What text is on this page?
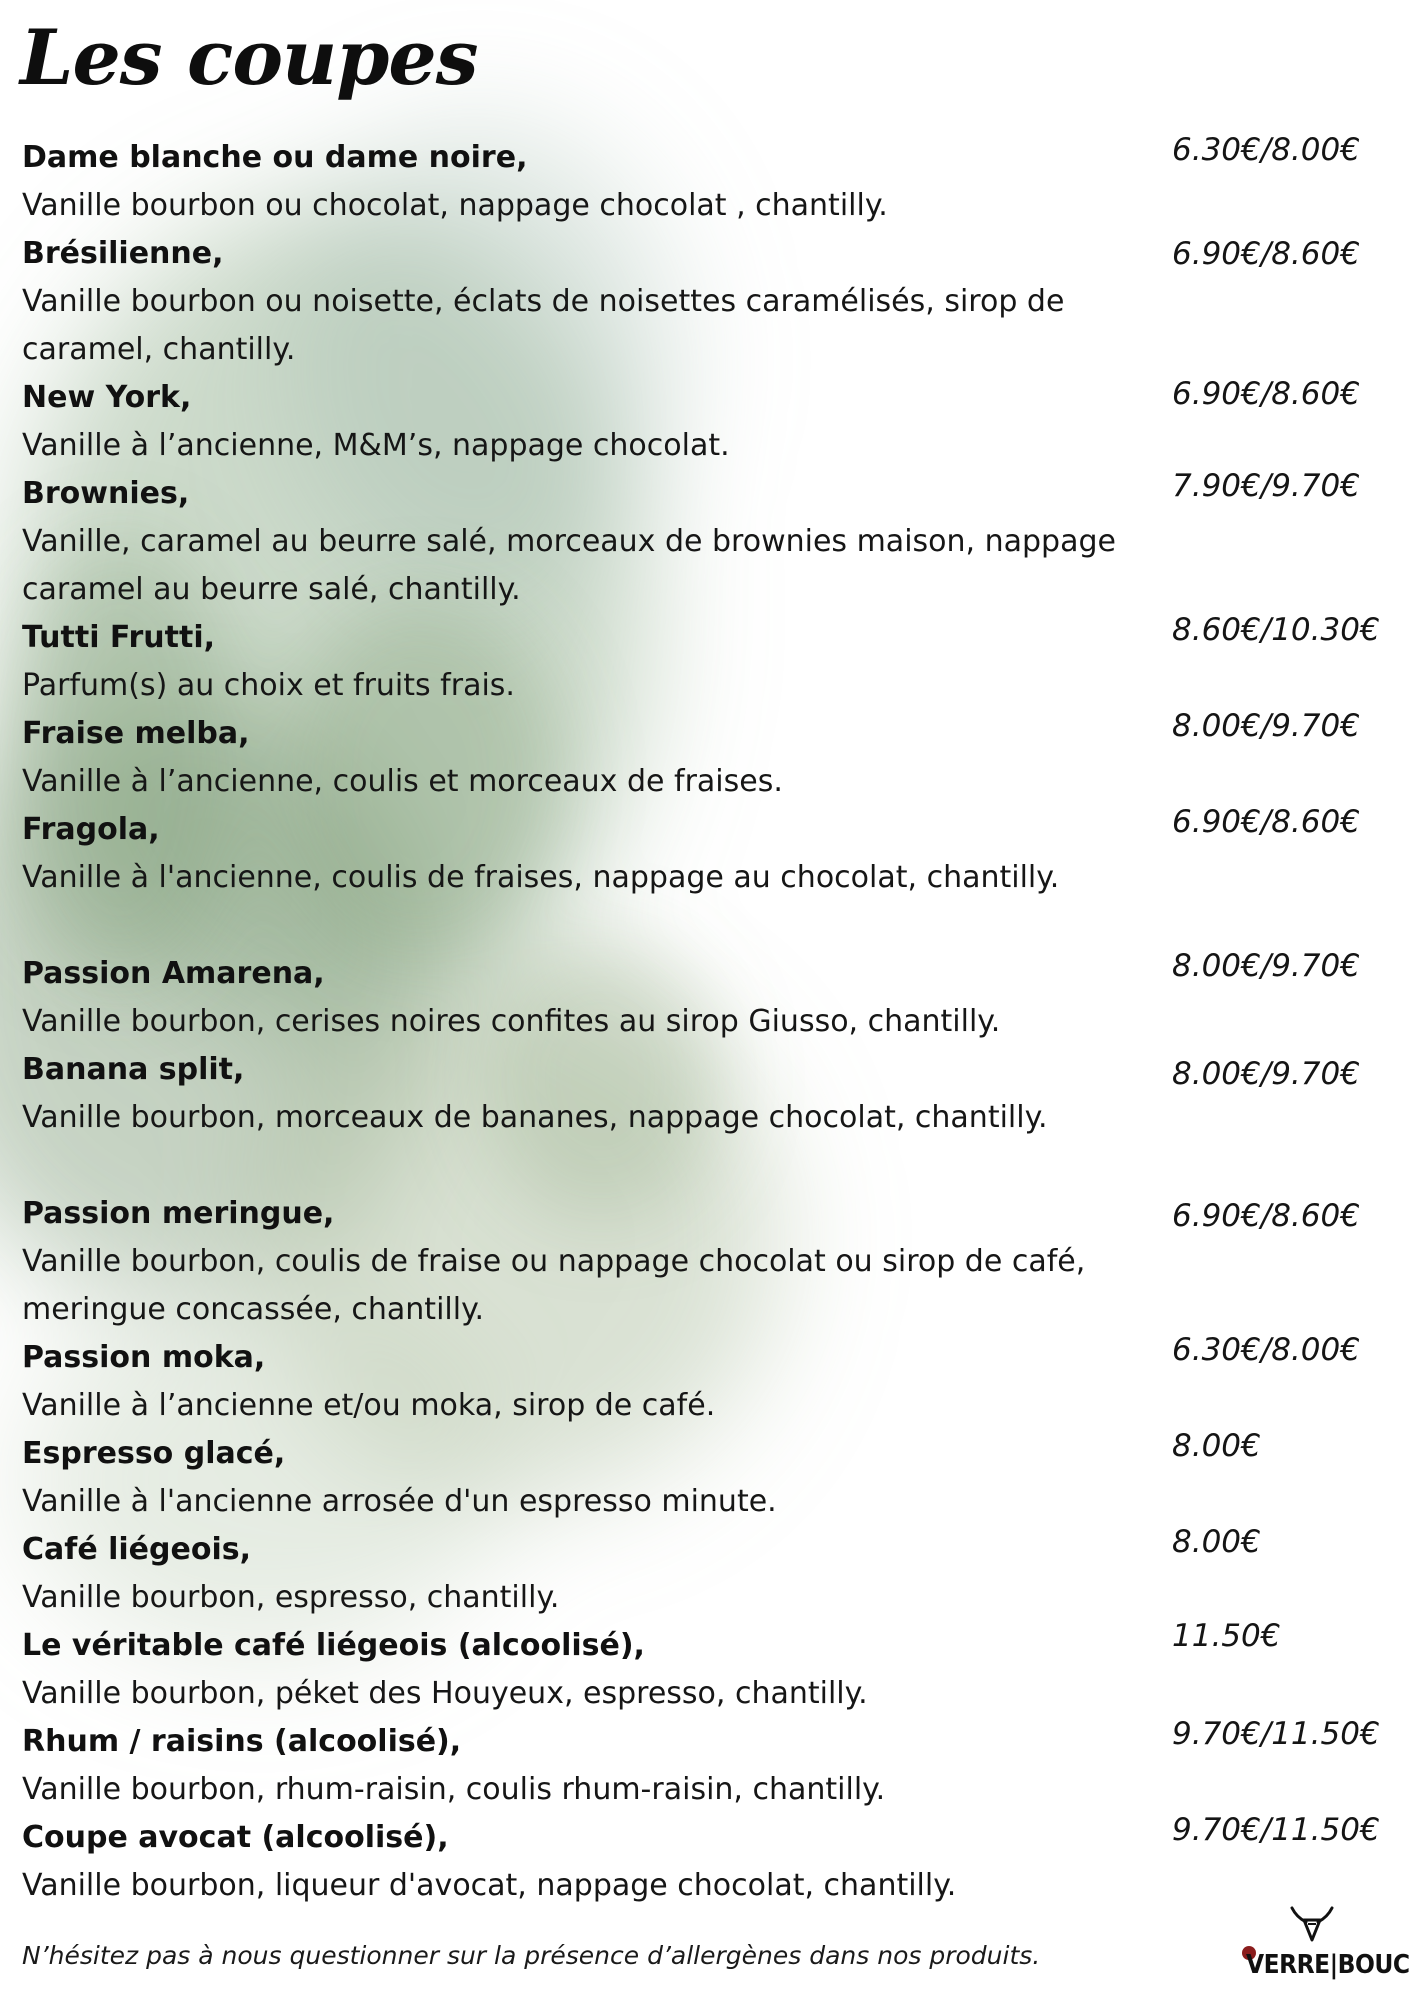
Les coupes
Dame blanche ou dame noire,
Vanille bourbon ou chocolat, nappage chocolat , chantilly.
6.30€/8.00€
Brésilienne,
Vanille bourbon ou noisette, éclats de noisettes caramélisés, sirop de caramel, chantilly.
6.90€/8.60€
New York,
Vanille à l’ancienne, M&M’s, nappage chocolat.
6.90€/8.60€
Brownies,
Vanille, caramel au beurre salé, morceaux de brownies maison, nappage caramel au beurre salé, chantilly.
7.90€/9.70€
Tutti Frutti,
Parfum(s) au choix et fruits frais.
8.60€/10.30€
Fraise melba,
Vanille à l’ancienne, coulis et morceaux de fraises.
8.00€/9.70€
Fragola,
Vanille à l'ancienne, coulis de fraises, nappage au chocolat, chantilly.
6.90€/8.60€
Passion Amarena,
Vanille bourbon, cerises noires confites au sirop Giusso, chantilly.
8.00€/9.70€
Banana split,
Vanille bourbon, morceaux de bananes, nappage chocolat, chantilly.
8.00€/9.70€
Passion meringue,
Vanille bourbon, coulis de fraise ou nappage chocolat ou sirop de café, meringue concassée, chantilly.
6.90€/8.60€
Passion moka,
Vanille à l’ancienne et/ou moka, sirop de café.
6.30€/8.00€
Espresso glacé,
Vanille à l'ancienne arrosée d'un espresso minute.
8.00€
Café liégeois,
Vanille bourbon, espresso, chantilly.
8.00€
Le véritable café liégeois (alcoolisé),
Vanille bourbon, péket des Houyeux, espresso, chantilly.
11.50€
Rhum / raisins (alcoolisé),
Vanille bourbon, rhum-raisin, coulis rhum-raisin, chantilly.
9.70€/11.50€
Coupe avocat (alcoolisé),
Vanille bourbon, liqueur d'avocat, nappage chocolat, chantilly.
9.70€/11.50€

N’hésitez pas à nous questionner sur la présence d’allergènes dans nos produits.	VERRE|BOUC
